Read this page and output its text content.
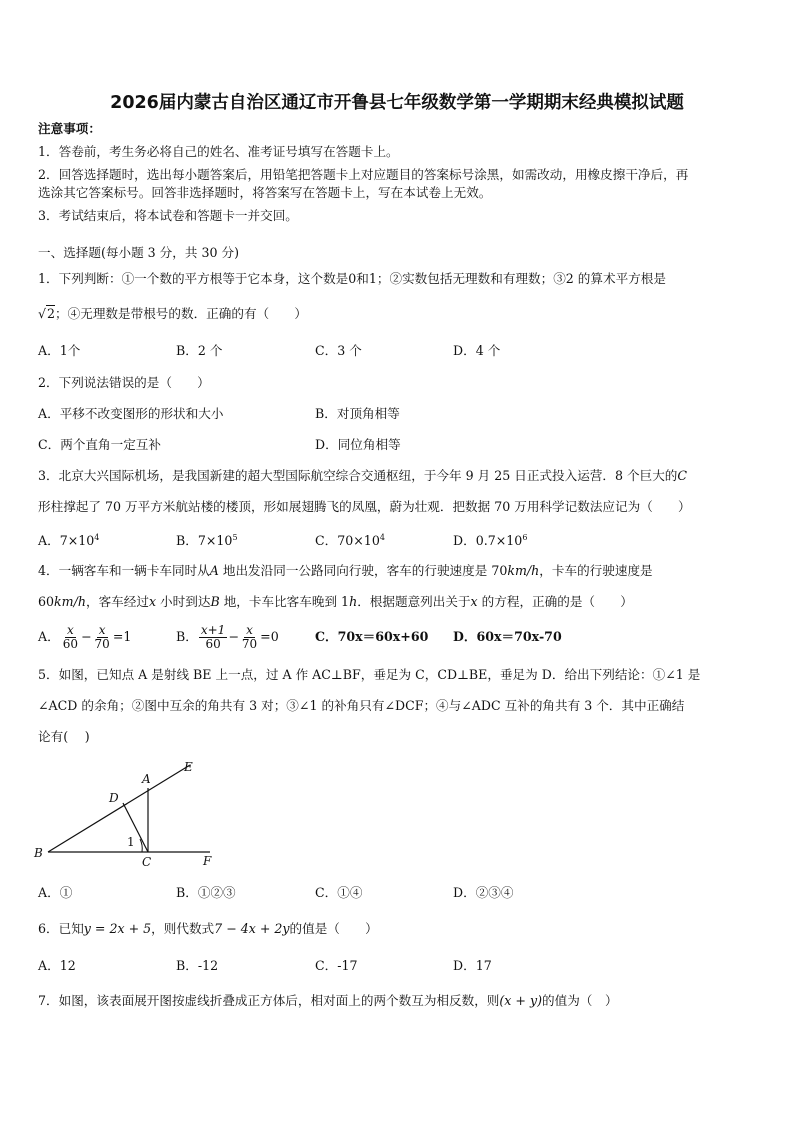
2026届内蒙古自治区通辽市开鲁县七年级数学第一学期期末经典模拟试题
注意事项：
1．答卷前，考生务必将自己的姓名、准考证号填写在答题卡上。
2．回答选择题时，选出每小题答案后，用铅笔把答题卡上对应题目的答案标号涂黑，如需改动，用橡皮擦干净后，再
选涂其它答案标号。回答非选择题时，将答案写在答题卡上，写在本试卷上无效。
3．考试结束后，将本试卷和答题卡一并交回。
一、选择题(每小题 3 分，共 30 分)
1．下列判断：①一个数的平方根等于它本身，这个数是0和1；②实数包括无理数和有理数；③2 的算术平方根是
√2；④无理数是带根号的数．正确的有（　　）
A．1个	B．2 个	C．3 个	D．4 个
2．下列说法错误的是（　　）
A．平移不改变图形的形状和大小	B．对顶角相等
C．两个直角一定互补	D．同位角相等
3．北京大兴国际机场，是我国新建的超大型国际航空综合交通枢纽，于今年 9 月 25 日正式投入运营．8 个巨大的C
形柱撑起了 70 万平方米航站楼的楼顶，形如展翅腾飞的凤凰，蔚为壮观．把数据 70 万用科学记数法应记为（　　）
A．$7\times 10^4$	B．$7\times 10^5$	C．$70\times 10^4$	D．$0.7\times 10^6$
4．一辆客车和一辆卡车同时从A 地出发沿同一公路同向行驶，客车的行驶速度是 70km/h，卡车的行驶速度是
60km/h，客车经过x 小时到达B 地，卡车比客车晚到 1h．根据题意列出关于x 的方程，正确的是（　　）
A． $\frac{x}{60} - \frac{x}{70} =1$	B． $\frac{x+1}{60} - \frac{x}{70} =0$	C．70x＝60x+60 D．60x＝70x-70
5．如图，已知点 A 是射线 BE 上一点，过 A 作 AC⊥BF，垂足为 C，CD⊥BE，垂足为 D．给出下列结论：①∠1 是
∠ACD 的余角；②图中互余的角共有 3 对；③∠1 的补角只有∠DCF；④与∠ADC 互补的角共有 3 个．其中正确结
论有(　 )
A
B
C
D
E
F
1
A．①	B．①②③	C．①④	D．②③④
6．已知y = 2x + 5，则代数式7 − 4x + 2y的值是（　　）
A．12	B．-12	C．-17	D．17
7．如图，该表面展开图按虚线折叠成正方体后，相对面上的两个数互为相反数，则(x + y)的值为（　）
